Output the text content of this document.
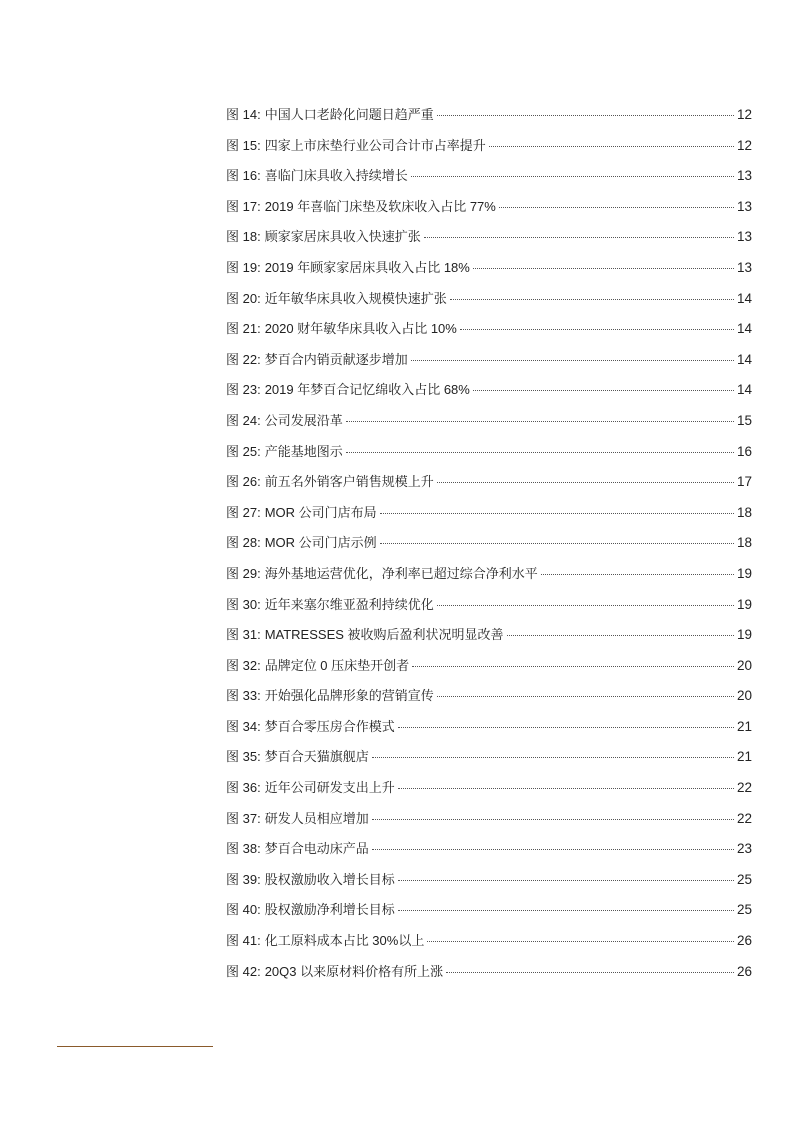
图 14: 中国人口老龄化问题日趋严重	12
图 15: 四家上市床垫行业公司合计市占率提升	12
图 16: 喜临门床具收入持续增长	13
图 17: 2019 年喜临门床垫及软床收入占比 77%	13
图 18: 顾家家居床具收入快速扩张	13
图 19: 2019 年顾家家居床具收入占比 18%	13
图 20: 近年敏华床具收入规模快速扩张	14
图 21: 2020 财年敏华床具收入占比 10%	14
图 22: 梦百合内销贡献逐步增加	14
图 23: 2019 年梦百合记忆绵收入占比 68%	14
图 24: 公司发展沿革	15
图 25: 产能基地图示	16
图 26: 前五名外销客户销售规模上升	17
图 27: MOR 公司门店布局	18
图 28: MOR 公司门店示例	18
图 29: 海外基地运营优化，净利率已超过综合净利水平	19
图 30: 近年来塞尔维亚盈利持续优化	19
图 31: MATRESSES 被收购后盈利状况明显改善	19
图 32: 品牌定位 0 压床垫开创者	20
图 33: 开始强化品牌形象的营销宣传	20
图 34: 梦百合零压房合作模式	21
图 35: 梦百合天猫旗舰店	21
图 36: 近年公司研发支出上升	22
图 37: 研发人员相应增加	22
图 38: 梦百合电动床产品	23
图 39: 股权激励收入增长目标	25
图 40: 股权激励净利增长目标	25
图 41: 化工原料成本占比 30%以上	26
图 42: 20Q3 以来原材料价格有所上涨	26
